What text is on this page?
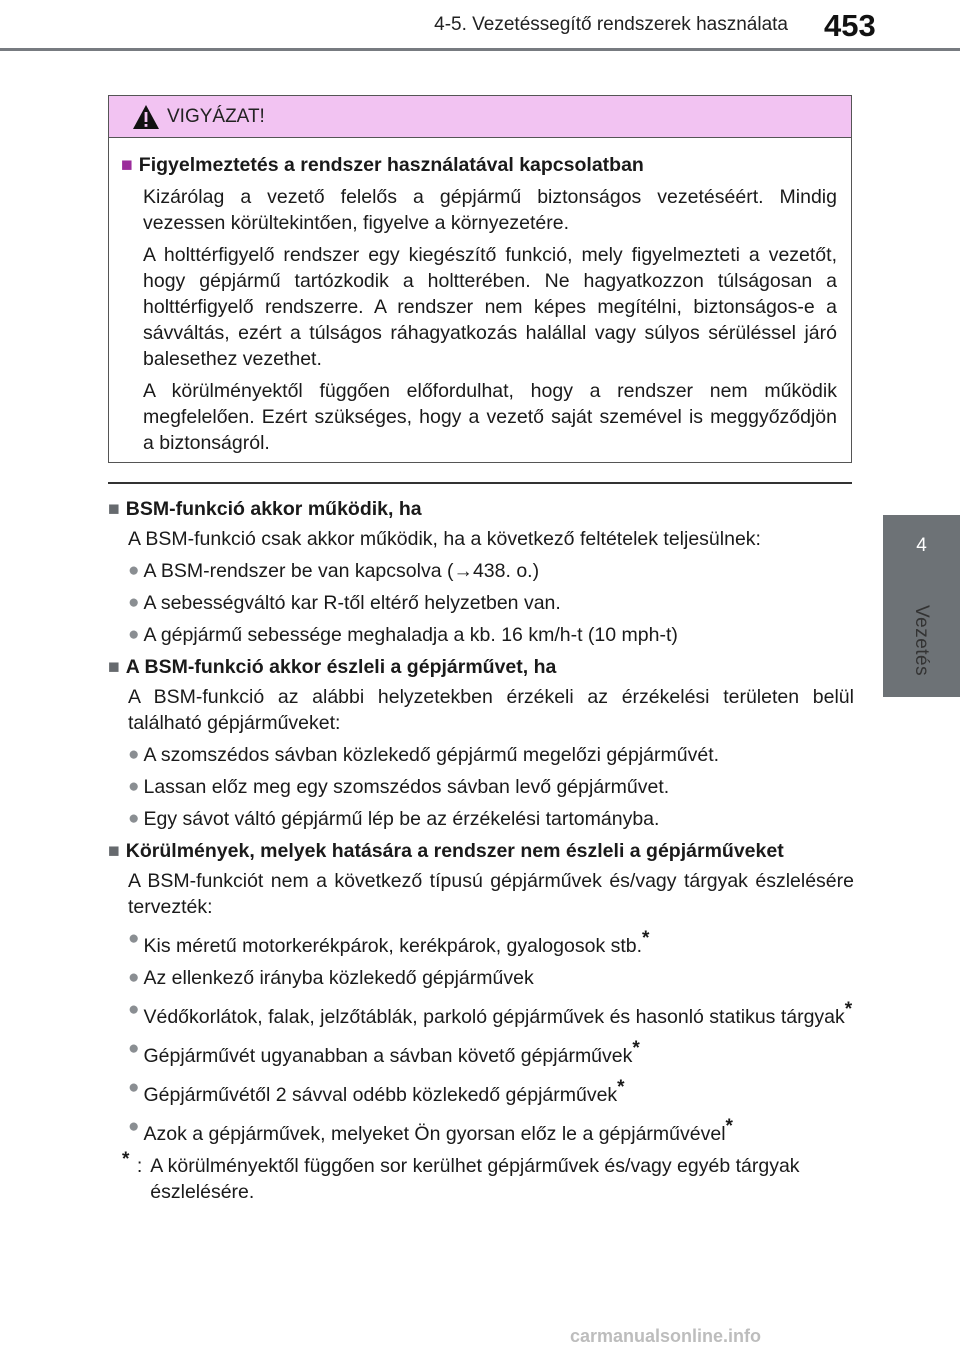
4-5. Vezetéssegítő rendszerek használata 453
4
Vezetés
VIGYÁZAT!
■ Figyelmeztetés a rendszer használatával kapcsolatban
Kizárólag a vezető felelős a gépjármű biztonságos vezetéséért. Mindig vezessen körültekintően, figyelve a környezetére.
A holttérfigyelő rendszer egy kiegészítő funkció, mely figyelmezteti a vezetőt, hogy gépjármű tartózkodik a holtterében. Ne hagyatkozzon túlságosan a holttérfigyelő rendszerre. A rendszer nem képes megítélni, biztonságos-e a sávváltás, ezért a túlságos ráhagyatkozás halállal vagy súlyos sérüléssel járó balesethez vezethet.
A körülményektől függően előfordulhat, hogy a rendszer nem működik megfelelően. Ezért szükséges, hogy a vezető saját szemével is meggyőződjön a biztonságról.
■ BSM-funkció akkor működik, ha
A BSM-funkció csak akkor működik, ha a következő feltételek teljesülnek:
● A BSM-rendszer be van kapcsolva (→438. o.)
● A sebességváltó kar R-től eltérő helyzetben van.
● A gépjármű sebessége meghaladja a kb. 16 km/h-t (10 mph-t)
■ A BSM-funkció akkor észleli a gépjárművet, ha
A BSM-funkció az alábbi helyzetekben érzékeli az érzékelési területen belül található gépjárműveket:
● A szomszédos sávban közlekedő gépjármű megelőzi gépjárművét.
● Lassan előz meg egy szomszédos sávban levő gépjárművet.
● Egy sávot váltó gépjármű lép be az érzékelési tartományba.
■ Körülmények, melyek hatására a rendszer nem észleli a gépjárműveket
A BSM-funkciót nem a következő típusú gépjárművek és/vagy tárgyak észlelésére tervezték:
● Kis méretű motorkerékpárok, kerékpárok, gyalogosok stb.*
● Az ellenkező irányba közlekedő gépjárművek
● Védőkorlátok, falak, jelzőtáblák, parkoló gépjárművek és hasonló statikus tárgyak*
● Gépjárművét ugyanabban a sávban követő gépjárművek*
● Gépjárművétől 2 sávval odébb közlekedő gépjárművek*
● Azok a gépjárművek, melyeket Ön gyorsan előz le a gépjárművével*
* : A körülményektől függően sor kerülhet gépjárművek és/vagy egyéb tárgyak észlelésére.
carmanualsonline.info
